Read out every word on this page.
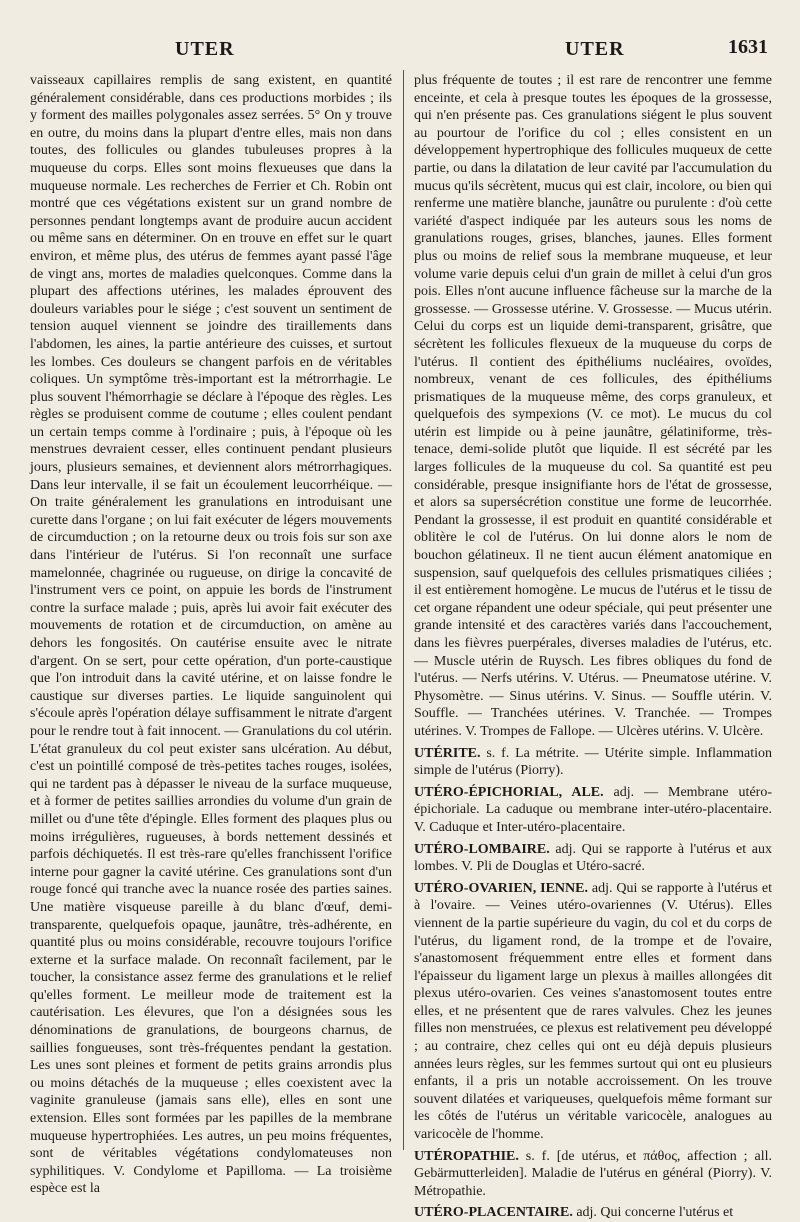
UTER	UTER	1631

vaisseaux capillaires remplis de sang existent, en quantité généralement considérable, dans ces productions morbides ; ils y forment des mailles polygonales assez serrées. 5° On y trouve en outre, du moins dans la plupart d'entre elles, mais non dans toutes, des follicules ou glandes tubuleuses propres à la muqueuse du corps. Elles sont moins flexueuses que dans la muqueuse normale. Les recherches de Ferrier et Ch. Robin ont montré que ces végétations existent sur un grand nombre de personnes pendant longtemps avant de produire aucun accident ou même sans en déterminer. On en trouve en effet sur le quart environ, et même plus, des utérus de femmes ayant passé l'âge de vingt ans, mortes de maladies quelconques. Comme dans la plupart des affections utérines, les malades éprouvent des douleurs variables pour le siége ; c'est souvent un sentiment de tension auquel viennent se joindre des tiraillements dans l'abdomen, les aines, la partie antérieure des cuisses, et surtout les lombes. Ces douleurs se changent parfois en de véritables coliques. Un symptôme très-important est la métrorrhagie. Le plus souvent l'hémorrhagie se déclare à l'époque des règles. Les règles se produisent comme de coutume ; elles coulent pendant un certain temps comme à l'ordinaire ; puis, à l'époque où les menstrues devraient cesser, elles continuent pendant plusieurs jours, plusieurs semaines, et deviennent alors métrorrhagiques. Dans leur intervalle, il se fait un écoulement leucorrhéique. — On traite généralement les granulations en introduisant une curette dans l'organe ; on lui fait exécuter de légers mouvements de circumduction ; on la retourne deux ou trois fois sur son axe dans l'intérieur de l'utérus. Si l'on reconnaît une surface mamelonnée, chagrinée ou rugueuse, on dirige la concavité de l'instrument vers ce point, on appuie les bords de l'instrument contre la surface malade ; puis, après lui avoir fait exécuter des mouvements de rotation et de circumduction, on amène au dehors les fongosités. On cautérise ensuite avec le nitrate d'argent. On se sert, pour cette opération, d'un porte-caustique que l'on introduit dans la cavité utérine, et on laisse fondre le caustique sur diverses parties. Le liquide sanguinolent qui s'écoule après l'opération délaye suffisamment le nitrate d'argent pour le rendre tout à fait innocent. — Granulations du col utérin. L'état granuleux du col peut exister sans ulcération. Au début, c'est un pointillé composé de très-petites taches rouges, isolées, qui ne tardent pas à dépasser le niveau de la surface muqueuse, et à former de petites saillies arrondies du volume d'un grain de millet ou d'une tête d'épingle. Elles forment des plaques plus ou moins irrégulières, rugueuses, à bords nettement dessinés et parfois déchiquetés. Il est très-rare qu'elles franchissent l'orifice interne pour gagner la cavité utérine. Ces granulations sont d'un rouge foncé qui tranche avec la nuance rosée des parties saines. Une matière visqueuse pareille à du blanc d'œuf, demi-transparente, quelquefois opaque, jaunâtre, très-adhérente, en quantité plus ou moins considérable, recouvre toujours l'orifice externe et la surface malade. On reconnaît facilement, par le toucher, la consistance assez ferme des granulations et le relief qu'elles forment. Le meilleur mode de traitement est la cautérisation. Les élevures, que l'on a désignées sous les dénominations de granulations, de bourgeons charnus, de saillies fongueuses, sont très-fréquentes pendant la gestation. Les unes sont pleines et forment de petits grains arrondis plus ou moins détachés de la muqueuse ; elles coexistent avec la vaginite granuleuse (jamais sans elle), elles en sont une extension. Elles sont formées par les papilles de la membrane muqueuse hypertrophiées. Les autres, un peu moins fréquentes, sont de véritables végétations condylomateuses non syphilitiques. V. Condylome et Papilloma. — La troisième espèce est la

plus fréquente de toutes ; il est rare de rencontrer une femme enceinte, et cela à presque toutes les époques de la grossesse, qui n'en présente pas. Ces granulations siégent le plus souvent au pourtour de l'orifice du col ; elles consistent en un développement hypertrophique des follicules muqueux de cette partie, ou dans la dilatation de leur cavité par l'accumulation du mucus qu'ils sécrètent, mucus qui est clair, incolore, ou bien qui renferme une matière blanche, jaunâtre ou purulente : d'où cette variété d'aspect indiquée par les auteurs sous les noms de granulations rouges, grises, blanches, jaunes. Elles forment plus ou moins de relief sous la membrane muqueuse, et leur volume varie depuis celui d'un grain de millet à celui d'un gros pois. Elles n'ont aucune influence fâcheuse sur la marche de la grossesse. — Grossesse utérine. V. Grossesse. — Mucus utérin. Celui du corps est un liquide demi-transparent, grisâtre, que sécrètent les follicules flexueux de la muqueuse du corps de l'utérus. Il contient des épithéliums nucléaires, ovoïdes, nombreux, venant de ces follicules, des épithéliums prismatiques de la muqueuse même, des corps granuleux, et quelquefois des sympexions (V. ce mot). Le mucus du col utérin est limpide ou à peine jaunâtre, gélatiniforme, très-tenace, demi-solide plutôt que liquide. Il est sécrété par les larges follicules de la muqueuse du col. Sa quantité est peu considérable, presque insignifiante hors de l'état de grossesse, et alors sa supersécrétion constitue une forme de leucorrhée. Pendant la grossesse, il est produit en quantité considérable et oblitère le col de l'utérus. On lui donne alors le nom de bouchon gélatineux. Il ne tient aucun élément anatomique en suspension, sauf quelquefois des cellules prismatiques ciliées ; il est entièrement homogène. Le mucus de l'utérus et le tissu de cet organe répandent une odeur spéciale, qui peut présenter une grande intensité et des caractères variés dans l'accouchement, dans les fièvres puerpérales, diverses maladies de l'utérus, etc. — Muscle utérin de Ruysch. Les fibres obliques du fond de l'utérus. — Nerfs utérins. V. Utérus. — Pneumatose utérine. V. Physomètre. — Sinus utérins. V. Sinus. — Souffle utérin. V. Souffle. — Tranchées utérines. V. Tranchée. — Trompes utérines. V. Trompes de Fallope. — Ulcères utérins. V. Ulcère.

UTÉRITE. s. f. La métrite. — Utérite simple. Inflammation simple de l'utérus (Piorry).

UTÉRO-ÉPICHORIAL, ALE. adj. — Membrane utéro-épichoriale. La caduque ou membrane inter-utéro-placentaire. V. Caduque et Inter-utéro-placentaire.

UTÉRO-LOMBAIRE. adj. Qui se rapporte à l'utérus et aux lombes. V. Pli de Douglas et Utéro-sacré.

UTÉRO-OVARIEN, IENNE. adj. Qui se rapporte à l'utérus et à l'ovaire. — Veines utéro-ovariennes (V. Utérus). Elles viennent de la partie supérieure du vagin, du col et du corps de l'utérus, du ligament rond, de la trompe et de l'ovaire, s'anastomosent fréquemment entre elles et forment dans l'épaisseur du ligament large un plexus à mailles allongées dit plexus utéro-ovarien. Ces veines s'anastomosent toutes entre elles, et ne présentent que de rares valvules. Chez les jeunes filles non menstruées, ce plexus est relativement peu développé ; au contraire, chez celles qui ont eu déjà depuis plusieurs années leurs règles, sur les femmes surtout qui ont eu plusieurs enfants, il a pris un notable accroissement. On les trouve souvent dilatées et variqueuses, quelquefois même formant sur les côtés de l'utérus un véritable varicocèle, analogues au varicocèle de l'homme.

UTÉROPATHIE. s. f. [de utérus, et πάθος, affection ; all. Gebärmutterleiden]. Maladie de l'utérus en général (Piorry). V. Métropathie.

UTÉRO-PLACENTAIRE. adj. Qui concerne l'utérus et
